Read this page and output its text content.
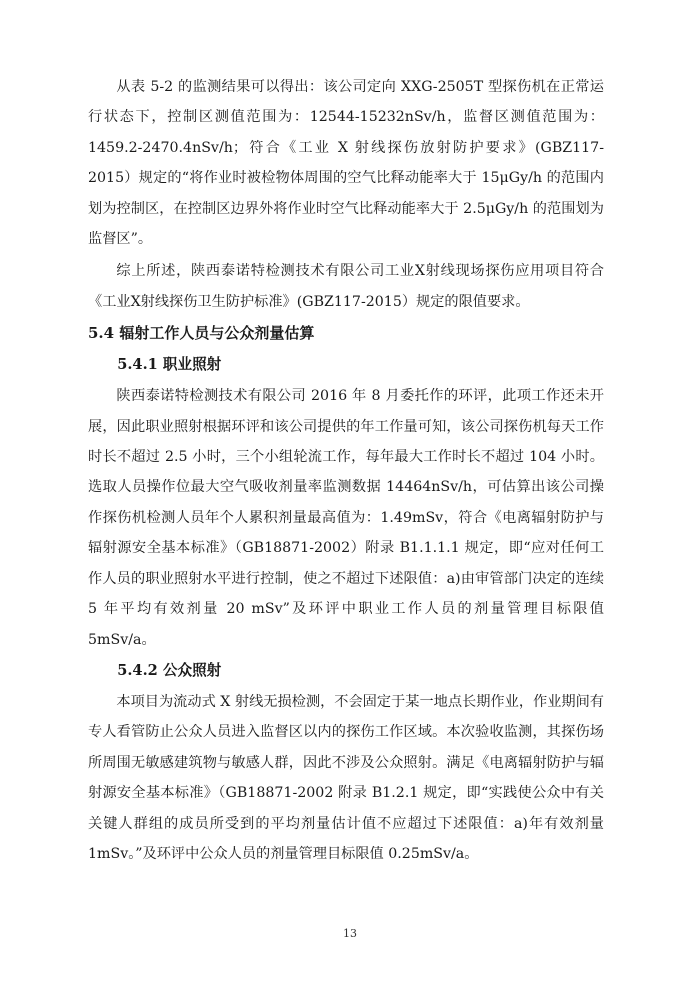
从表 5-2 的监测结果可以得出：该公司定向 XXG-2505T 型探伤机在正常运行状态下，控制区测值范围为：12544-15232nSv/h，监督区测值范围为：1459.2-2470.4nSv/h；符合《工业 X 射线探伤放射防护要求》(GBZ117-2015）规定的“将作业时被检物体周围的空气比释动能率大于 15μGy/h 的范围内划为控制区，在控制区边界外将作业时空气比释动能率大于 2.5μGy/h 的范围划为监督区”。

综上所述，陕西泰诺特检测技术有限公司工业X射线现场探伤应用项目符合《工业X射线探伤卫生防护标准》(GBZ117-2015）规定的限值要求。

5.4 辐射工作人员与公众剂量估算
5.4.1 职业照射

陕西泰诺特检测技术有限公司 2016 年 8 月委托作的环评，此项工作还未开展，因此职业照射根据环评和该公司提供的年工作量可知，该公司探伤机每天工作时长不超过 2.5 小时，三个小组轮流工作，每年最大工作时长不超过 104 小时。选取人员操作位最大空气吸收剂量率监测数据 14464nSv/h，可估算出该公司操作探伤机检测人员年个人累积剂量最高值为：1.49mSv，符合《电离辐射防护与辐射源安全基本标准》（GB18871-2002）附录 B1.1.1.1 规定，即“应对任何工作人员的职业照射水平进行控制，使之不超过下述限值：a)由审管部门决定的连续 5 年平均有效剂量 20 mSv”及环评中职业工作人员的剂量管理目标限值 5mSv/a。

5.4.2 公众照射

本项目为流动式 X 射线无损检测，不会固定于某一地点长期作业，作业期间有专人看管防止公众人员进入监督区以内的探伤工作区域。本次验收监测，其探伤场所周围无敏感建筑物与敏感人群，因此不涉及公众照射。满足《电离辐射防护与辐射源安全基本标准》（GB18871-2002 附录 B1.2.1 规定，即“实践使公众中有关关键人群组的成员所受到的平均剂量估计值不应超过下述限值：a)年有效剂量 1mSv。”及环评中公众人员的剂量管理目标限值 0.25mSv/a。

13
